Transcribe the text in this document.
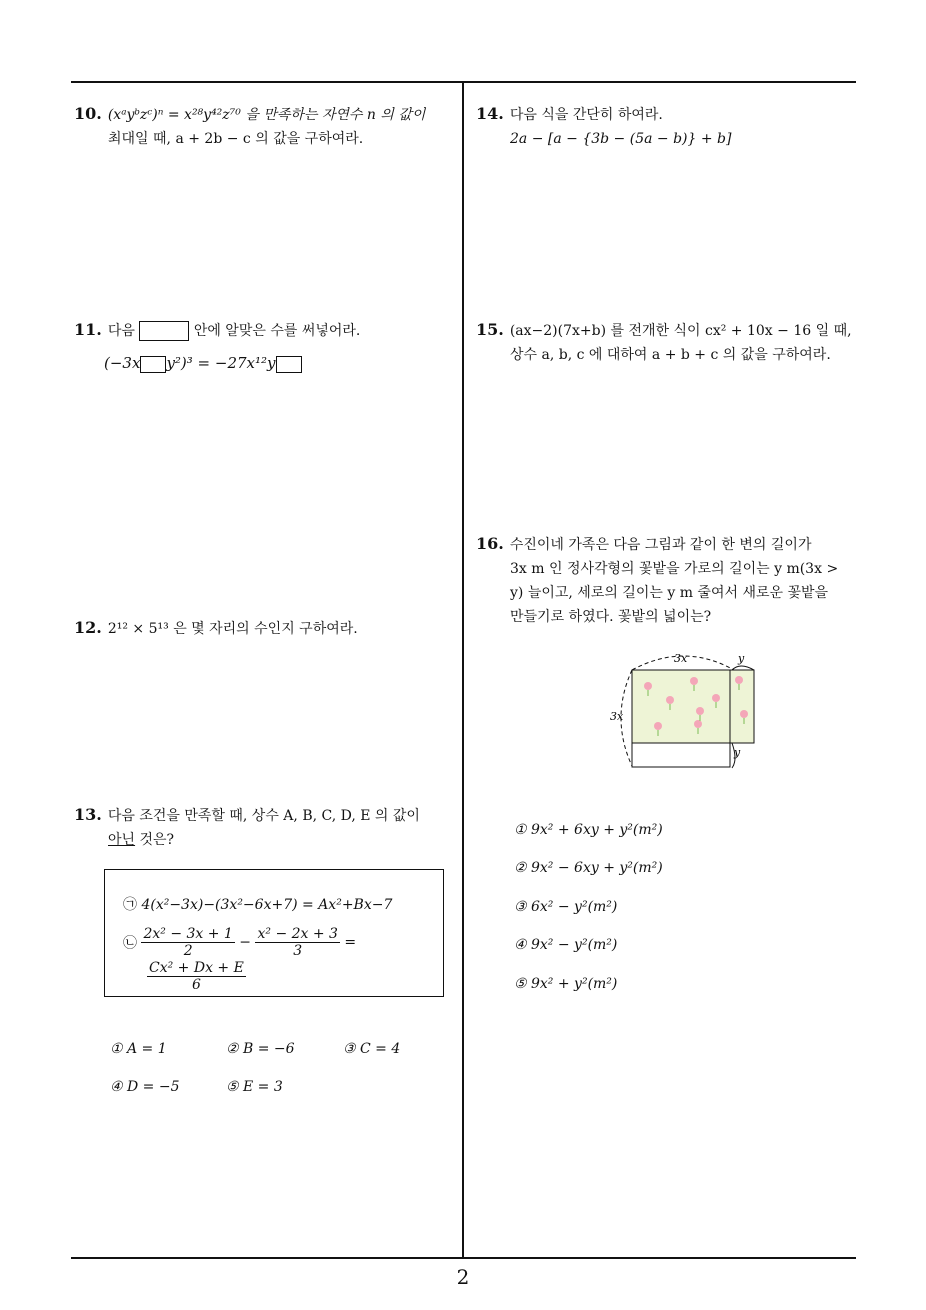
10. (xᵃyᵇzᶜ)ⁿ = x²⁸y⁴²z⁷⁰ 을 만족하는 자연수 n 의 값이
최대일 때, a + 2b − c 의 값을 구하여라.
11. 다음	안에 알맞은 수를 써넣어라.
(−3x y²)³ = −27x¹²y
12. 2¹² × 5¹³ 은 몇 자리의 수인지 구하여라.
13. 다음 조건을 만족할 때, 상수 A, B, C, D, E 의 값이
아닌 것은?
㉠ 4(x²−3x)−(3x²−6x+7) = Ax²+Bx−7
㉡ $\frac{\text{2x² − 3x + 1}}{2} - \frac{\text{x² − 2x + 3}}{3}$ =
$\frac{\text{Cx² + Dx + E}}{6}$
① A = 1	② B = −6	③ C = 4
④ D = −5	⑤ E = 3
14. 다음 식을 간단히 하여라.
2a − [a − {3b − (5a − b)} + b]
15. (ax−2)(7x+b) 를 전개한 식이 cx² + 10x − 16 일 때,
상수 a, b, c 에 대하여 a + b + c 의 값을 구하여라.
16. 수진이네 가족은 다음 그림과 같이 한 변의 길이가
3x m 인 정사각형의 꽃밭을 가로의 길이는 y m(3x >
y) 늘이고, 세로의 길이는 y m 줄여서 새로운 꽃밭을
만들기로 하였다. 꽃밭의 넓이는?
3x
3x
y
y
① 9x² + 6xy + y²(m²)
② 9x² − 6xy + y²(m²)
③ 6x² − y²(m²)
④ 9x² − y²(m²)
⑤ 9x² + y²(m²)
2
